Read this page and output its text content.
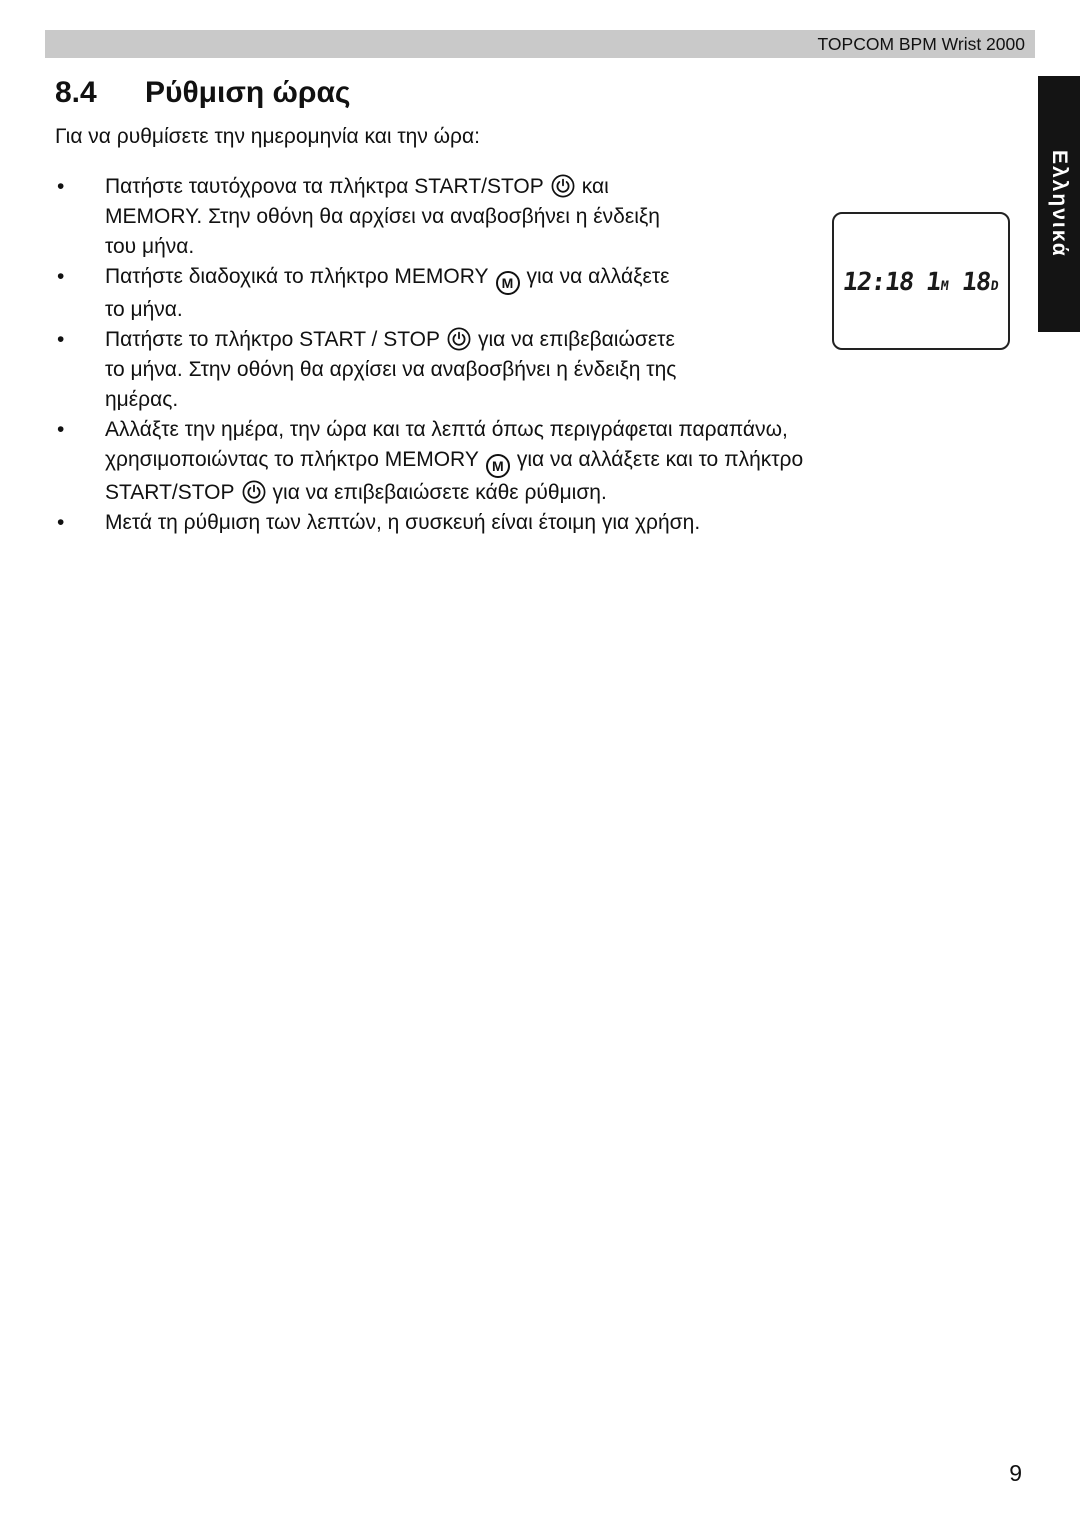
TOPCOM BPM Wrist 2000
Ελληνικά
12:18 1
M 18
D
8.4	Ρύθμιση ώρας

Για να ρυθμίσετε την ημερομηνία και την ώρα:

• Πατήστε ταυτόχρονα τα πλήκτρα START/STOP και
MEMORY. Στην οθόνη θα αρχίσει να αναβοσβήνει η ένδειξη
του μήνα.
• Πατήστε διαδοχικά το πλήκτρο MEMORY M για να αλλάξετε
το μήνα.
• Πατήστε το πλήκτρο START / STOP για να επιβεβαιώσετε
το μήνα. Στην οθόνη θα αρχίσει να αναβοσβήνει η ένδειξη της
ημέρας.
• Αλλάξτε την ημέρα, την ώρα και τα λεπτά όπως περιγράφεται παραπάνω,
χρησιμοποιώντας το πλήκτρο MEMORY M για να αλλάξετε και το πλήκτρο
START/STOP για να επιβεβαιώσετε κάθε ρύθμιση.
• Μετά τη ρύθμιση των λεπτών, η συσκευή είναι έτοιμη για χρήση.
9
